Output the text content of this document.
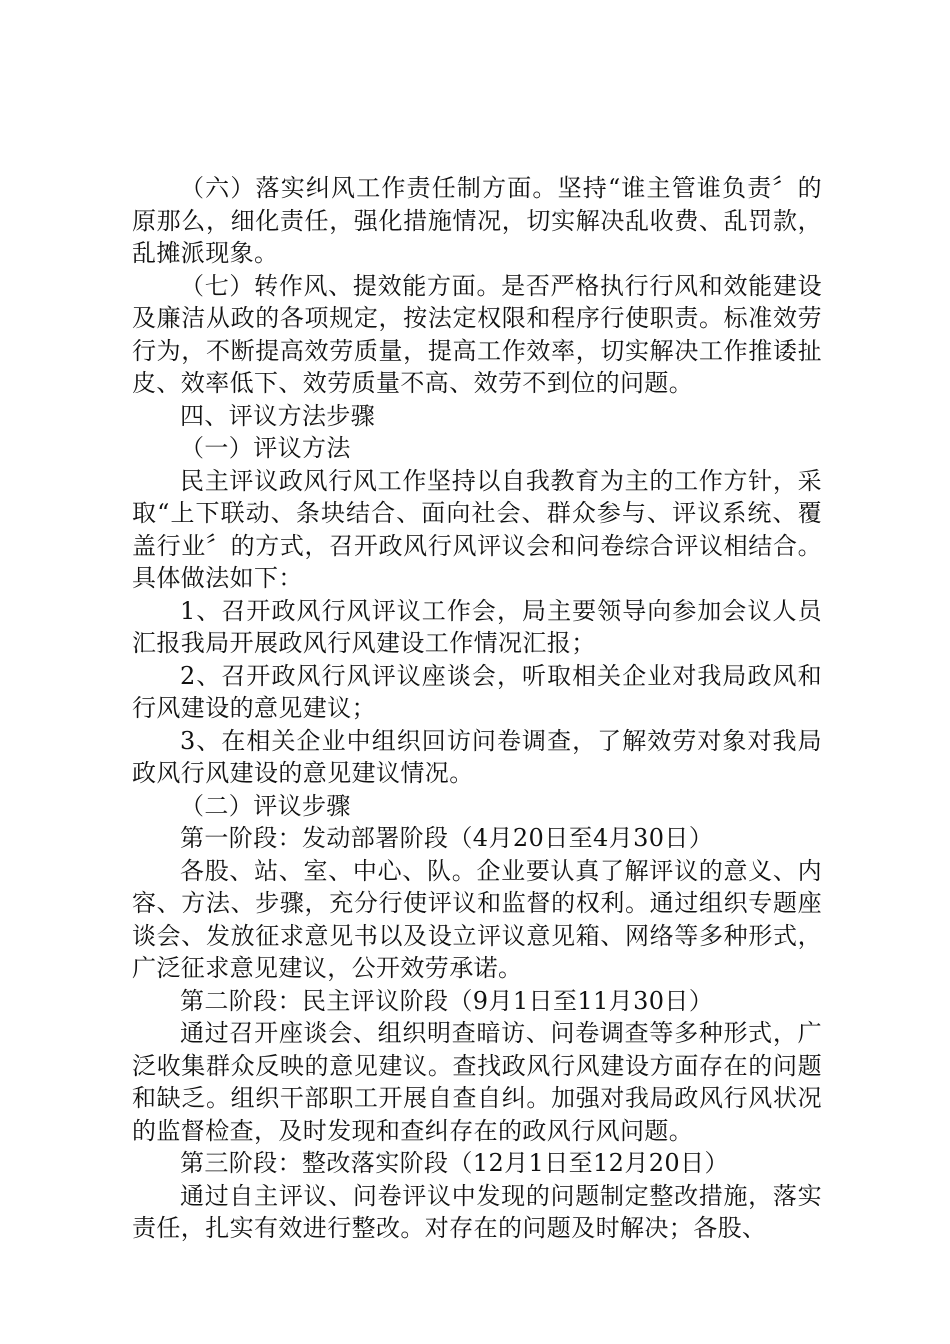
（六）落实纠风工作责任制方面。坚持“谁主管谁负责〞的原那么，细化责任，强化措施情况，切实解决乱收费、乱罚款，乱摊派现象。

（七）转作风、提效能方面。是否严格执行行风和效能建设及廉洁从政的各项规定，按法定权限和程序行使职责。标准效劳行为，不断提高效劳质量，提高工作效率，切实解决工作推诿扯皮、效率低下、效劳质量不高、效劳不到位的问题。

四、评议方法步骤

（一）评议方法

民主评议政风行风工作坚持以自我教育为主的工作方针，采取“上下联动、条块结合、面向社会、群众参与、评议系统、覆盖行业〞的方式，召开政风行风评议会和问卷综合评议相结合。具体做法如下：

1、召开政风行风评议工作会，局主要领导向参加会议人员汇报我局开展政风行风建设工作情况汇报；

2、召开政风行风评议座谈会，听取相关企业对我局政风和行风建设的意见建议；

3、在相关企业中组织回访问卷调查，了解效劳对象对我局政风行风建设的意见建议情况。

（二）评议步骤

第一阶段：发动部署阶段（4月20日至4月30日）

各股、站、室、中心、队。企业要认真了解评议的意义、内容、方法、步骤，充分行使评议和监督的权利。通过组织专题座谈会、发放征求意见书以及设立评议意见箱、网络等多种形式，广泛征求意见建议，公开效劳承诺。

第二阶段：民主评议阶段（9月1日至11月30日）

通过召开座谈会、组织明查暗访、问卷调查等多种形式，广泛收集群众反映的意见建议。查找政风行风建设方面存在的问题和缺乏。组织干部职工开展自查自纠。加强对我局政风行风状况的监督检查，及时发现和查纠存在的政风行风问题。

第三阶段：整改落实阶段（12月1日至12月20日）

通过自主评议、问卷评议中发现的问题制定整改措施，落实责任，扎实有效进行整改。对存在的问题及时解决；各股、
